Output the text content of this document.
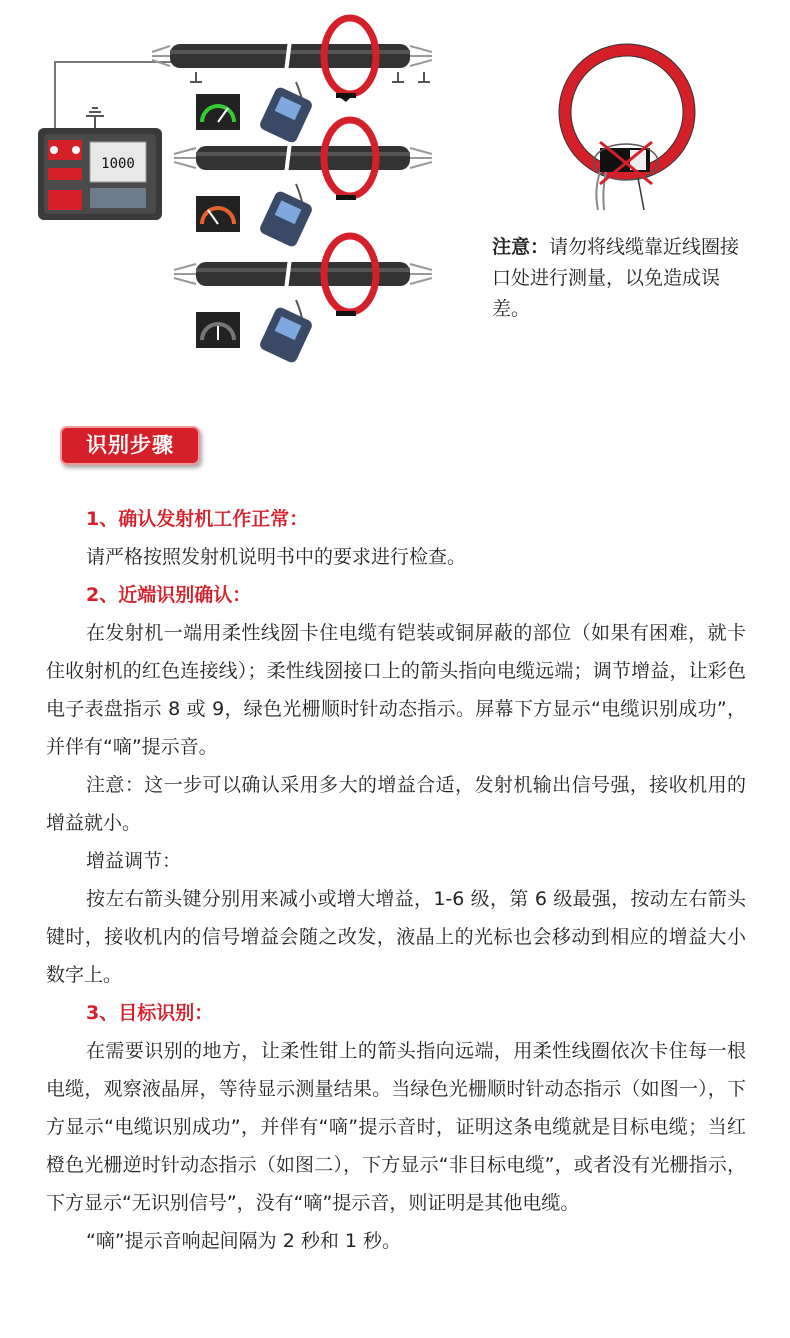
1000
注意：请勿将线缆靠近线圈接口处进行测量，以免造成误差。
识别步骤

1、确认发射机工作正常：

请严格按照发射机说明书中的要求进行检查。

2、近端识别确认：

在发射机一端用柔性线圀卡住电缆有铠装或铜屏蔽的部位（如果有困难，就卡住收射机的红色连接线）；柔性线圀接口上的箭头指向电缆远端；调节增益，让彩色电子表盘指示 8 或 9，绿色光栅顺时针动态指示。屏幕下方显示“电缆识别成功”，并伴有“嘀”提示音。

注意：这一步可以确认采用多大的增益合适，发射机输出信号强，接收机用的增益就小。

增益调节：

按左右箭头键分别用来减小或增大增益，1-6 级，第 6 级最强，按动左右箭头键时，接收机内的信号增益会随之改发，液晶上的光标也会移动到相应的增益大小数字上。

3、目标识别：

在需要识别的地方，让柔性钳上的箭头指向远端，用柔性线圈依次卡住每一根电缆，观察液晶屏，等待显示测量结果。当绿色光栅顺时针动态指示（如图一），下方显示“电缆识别成功”，并伴有“嘀”提示音时，证明这条电缆就是目标电缆；当红橙色光栅逆时针动态指示（如图二），下方显示“非目标电缆”，或者没有光栅指示，下方显示“无识别信号”，没有“嘀”提示音，则证明是其他电缆。

“嘀”提示音响起间隔为 2 秒和 1 秒。
